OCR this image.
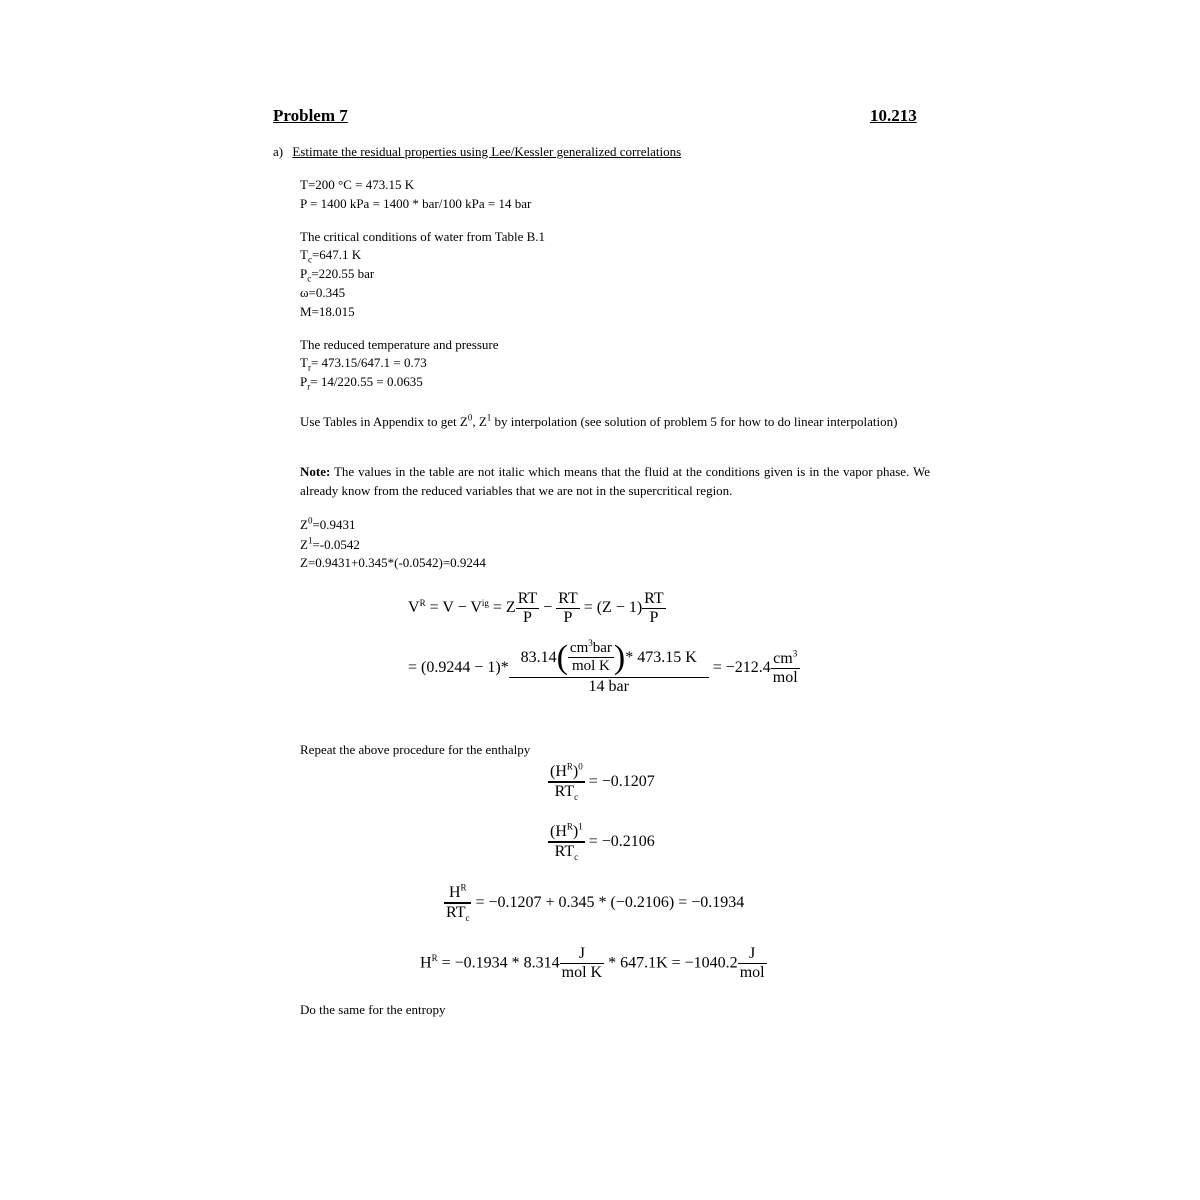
Problem 7	10.213
a) Estimate the residual properties using Lee/Kessler generalized correlations
T=200 °C = 473.15 K
P = 1400 kPa = 1400 * bar/100 kPa = 14 bar
The critical conditions of water from Table B.1
$T_c=647.1$ K
$P_c=220.55$ bar
ω=0.345
M=18.015
The reduced temperature and pressure
$T_r= 473.15/647.1 = 0.73$
$P_r= 14/220.55 = 0.0635$
Use Tables in Appendix to get $Z^0$, $Z^1$ by interpolation (see solution of problem 5 for how to do linear interpolation)
Note: The values in the table are not italic which means that the fluid at the conditions given is in the vapor phase. We already know from the reduced variables that we are not in the supercritical region.
$Z^0=0.9431$
$Z^1=-0.0542$
Z=0.9431+0.345*(-0.0542)=0.9244
$V^R = V - V^{ig} = Z \frac{RT}{P} - \frac{RT}{P} = (Z - 1) \frac{RT}{P}$
= (0.9244 − 1)*
83.14 ( $\frac{cm^3bar}{\text{mol K}}$ ) * 473.15 K
14 bar
= $-212.4 \frac{cm^3}{\text{mol}}$
Repeat the above procedure for the enthalpy
$\frac{(H^R)^0}{RT_c} = -0.1207$
$\frac{(H^R)^1}{RT_c} = -0.2106$
$\frac{H^R}{RT_c} = -0.1207 + 0.345 * (-0.2106) = -0.1934$
$H^R = -0.1934 * 8.314 \frac{J}{\text{mol K}} * 647.1K = -1040.2 \frac{J}{\text{mol}}$
Do the same for the entropy
